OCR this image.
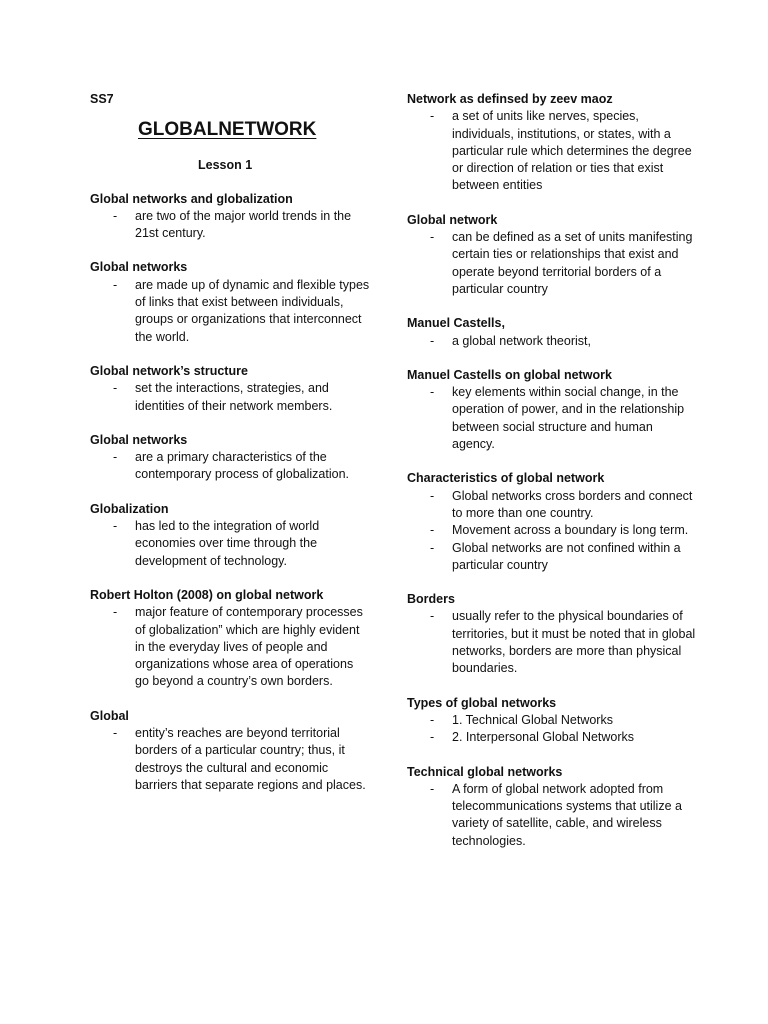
SS7
GLOBALNETWORK
Lesson 1
Global networks and globalization
- are two of the major world trends in the 21st century.
Global networks
- are made up of dynamic and flexible types of links that exist between individuals, groups or organizations that interconnect the world.
Global network’s structure
- set the interactions, strategies, and identities of their network members.
Global networks
- are a primary characteristics of the contemporary process of globalization.
Globalization
- has led to the integration of world economies over time through the development of technology.
Robert Holton (2008) on global network
- major feature of contemporary processes of globalization” which are highly evident in the everyday lives of people and organizations whose area of operations go beyond a country’s own borders.
Global
- entity’s reaches are beyond territorial borders of a particular country; thus, it destroys the cultural and economic barriers that separate regions and places.
Network as definsed by zeev maoz
- a set of units like nerves, species, individuals, institutions, or states, with a particular rule which determines the degree or direction of relation or ties that exist between entities
Global network
- can be defined as a set of units manifesting certain ties or relationships that exist and operate beyond territorial borders of a particular country
Manuel Castells,
- a global network theorist,
Manuel Castells on global network
- key elements within social change, in the operation of power, and in the relationship between social structure and human agency.
Characteristics of global network
- Global networks cross borders and connect to more than one country.
- Movement across a boundary is long term.
- Global networks are not confined within a particular country
Borders
- usually refer to the physical boundaries of territories, but it must be noted that in global networks, borders are more than physical boundaries.
Types of global networks
- 1. Technical Global Networks
- 2. Interpersonal Global Networks
Technical global networks
- A form of global network adopted from telecommunications systems that utilize a variety of satellite, cable, and wireless technologies.
